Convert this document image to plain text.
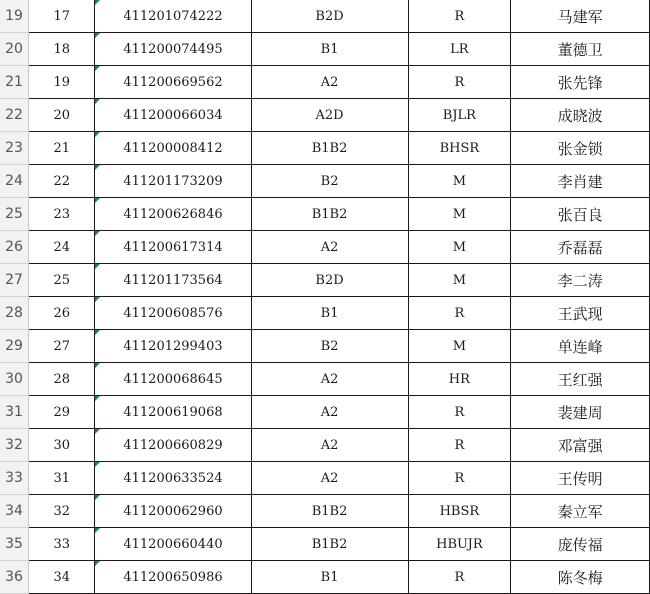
19	17	411201074222	B2D	R	马建军
20	18	411200074495	B1	LR	董德卫
21	19	411200669562	A2	R	张先锋
22	20	411200066034	A2D	BJLR	成晓波
23	21	411200008412	B1B2	BHSR	张金锁
24	22	411201173209	B2	M	李肖建
25	23	411200626846	B1B2	M	张百良
26	24	411200617314	A2	M	乔磊磊
27	25	411201173564	B2D	M	李二涛
28	26	411200608576	B1	R	王武现
29	27	411201299403	B2	M	单连峰
30	28	411200068645	A2	HR	王红强
31	29	411200619068	A2	R	裴建周
32	30	411200660829	A2	R	邓富强
33	31	411200633524	A2	R	王传明
34	32	411200062960	B1B2	HBSR	秦立军
35	33	411200660440	B1B2	HBUJR	庞传福
36	34	411200650986	B1	R	陈冬梅
